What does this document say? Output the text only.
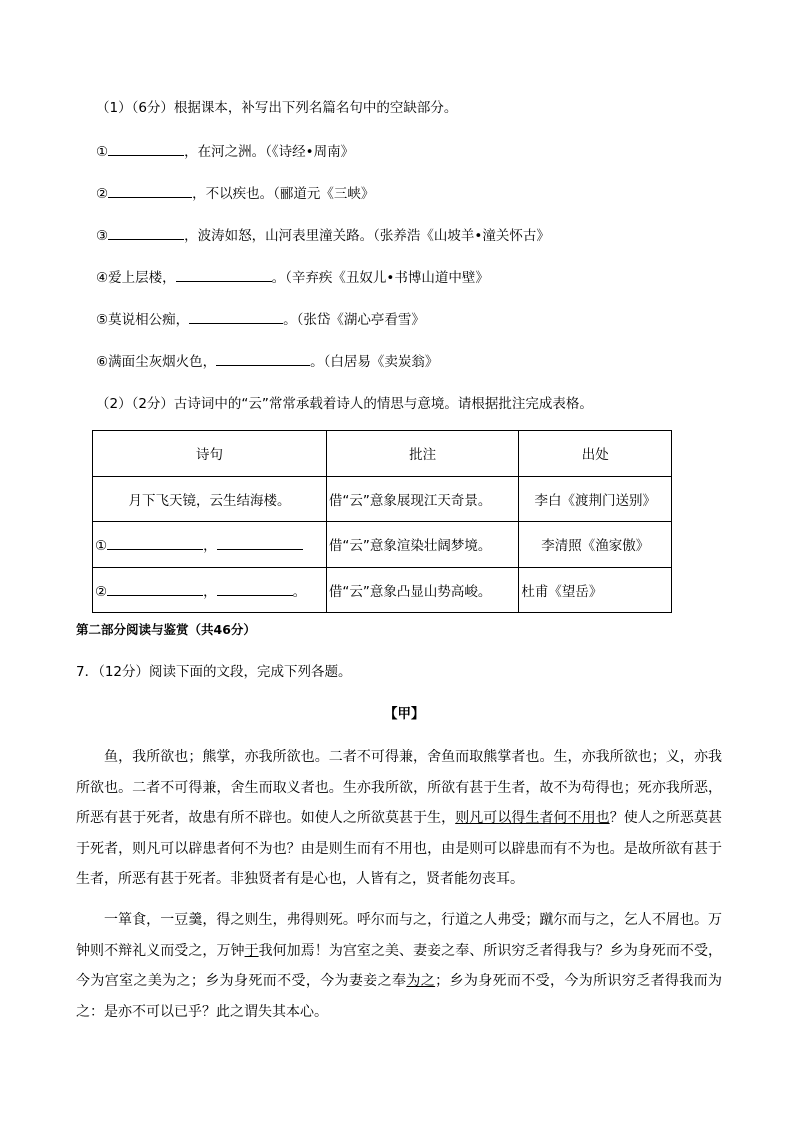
（1）（6分）根据课本，补写出下列名篇名句中的空缺部分。
①	，在河之洲。（《诗经•周南》
②	，不以疾也。（郦道元《三峡》
③	，波涛如怒，山河表里潼关路。（张养浩《山坡羊•潼关怀古》
④爱上层楼，	。（辛弃疾《丑奴儿•书博山道中壁》
⑤莫说相公痴，	。（张岱《湖心亭看雪》
⑥满面尘灰烟火色，	。（白居易《卖炭翁》
（2）（2分）古诗词中的“云”常常承载着诗人的情思与意境。请根据批注完成表格。
诗句	批注	出处
月下飞天镜，云生结海楼。	借“云”意象展现江天奇景。	李白《渡荆门送别》
① ，	借“云”意象渲染壮阔梦境。	李清照《渔家傲》
② ， 。	借“云”意象凸显山势高峻。	杜甫《望岳》
第二部分阅读与鉴赏（共46分）
7．（12分）阅读下面的文段，完成下列各题。
【甲】
鱼，我所欲也；熊掌，亦我所欲也。二者不可得兼，舍鱼而取熊掌者也。生，亦我所欲也；义，亦我所欲也。二者不可得兼，舍生而取义者也。生亦我所欲，所欲有甚于生者，故不为苟得也；死亦我所恶，所恶有甚于死者，故患有所不辟也。如使人之所欲莫甚于生，则凡可以得生者何不用也？使人之所恶莫甚于死者，则凡可以辟患者何不为也？由是则生而有不用也，由是则可以辟患而有不为也。是故所欲有甚于生者，所恶有甚于死者。非独贤者有是心也，人皆有之，贤者能勿丧耳。
一箪食，一豆羹，得之则生，弗得则死。呼尔而与之，行道之人弗受；蹴尔而与之，乞人不屑也。万钟则不辩礼义而受之，万钟于我何加焉！为宫室之美、妻妾之奉、所识穷乏者得我与？乡为身死而不受，今为宫室之美为之；乡为身死而不受，今为妻妾之奉为之；乡为身死而不受，今为所识穷乏者得我而为之：是亦不可以已乎？此之谓失其本心。
